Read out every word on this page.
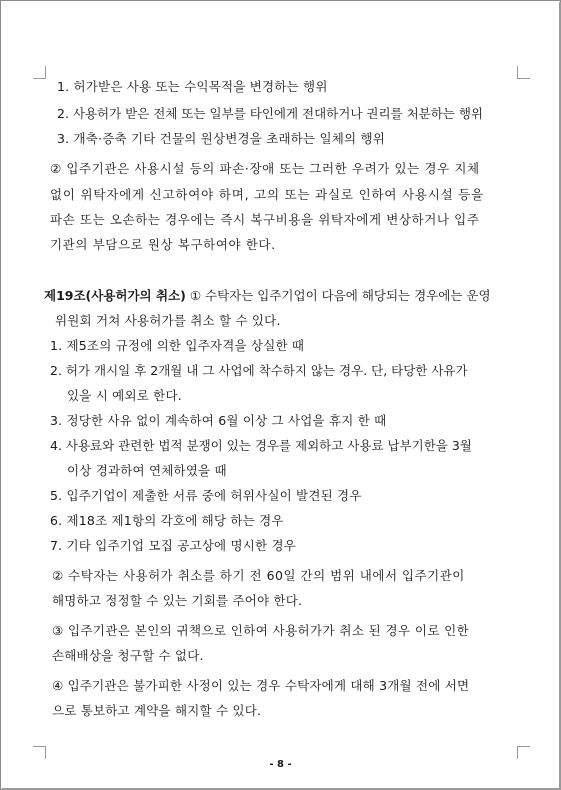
1. 허가받은 사용 또는 수익목적을 변경하는 행위
2. 사용허가 받은 전체 또는 일부를 타인에게 전대하거나 권리를 처분하는 행위
3. 개축·증축 기타 건물의 원상변경을 초래하는 일체의 행위
② 입주기관은 사용시설 등의 파손·장애 또는 그러한 우려가 있는 경우 지체
없이 위탁자에게 신고하여야 하며, 고의 또는 과실로 인하여 사용시설 등을
파손 또는 오손하는 경우에는 즉시 복구비용을 위탁자에게 변상하거나 입주
기관의 부담으로 원상 복구하여야 한다.
제19조(사용허가의 취소) ① 수탁자는 입주기업이 다음에 해당되는 경우에는 운영
위원회 거쳐 사용허가를 취소 할 수 있다.
1. 제5조의 규정에 의한 입주자격을 상실한 때
2. 허가 개시일 후 2개월 내 그 사업에 착수하지 않는 경우. 단, 타당한 사유가
있을 시 예외로 한다.
3. 정당한 사유 없이 계속하여 6월 이상 그 사업을 휴지 한 때
4. 사용료와 관련한 법적 분쟁이 있는 경우를 제외하고 사용료 납부기한을 3월
이상 경과하여 연체하였을 때
5. 입주기업이 제출한 서류 중에 허위사실이 발견된 경우
6. 제18조 제1항의 각호에 해당 하는 경우
7. 기타 입주기업 모집 공고상에 명시한 경우
② 수탁자는 사용허가 취소를 하기 전 60일 간의 범위 내에서 입주기관이
해명하고 정정할 수 있는 기회를 주어야 한다.
③ 입주기관은 본인의 귀책으로 인하여 사용허가가 취소 된 경우 이로 인한
손해배상을 청구할 수 없다.
④ 입주기관은 불가피한 사정이 있는 경우 수탁자에게 대해 3개월 전에 서면
으로 통보하고 계약을 해지할 수 있다.
- 8 -
